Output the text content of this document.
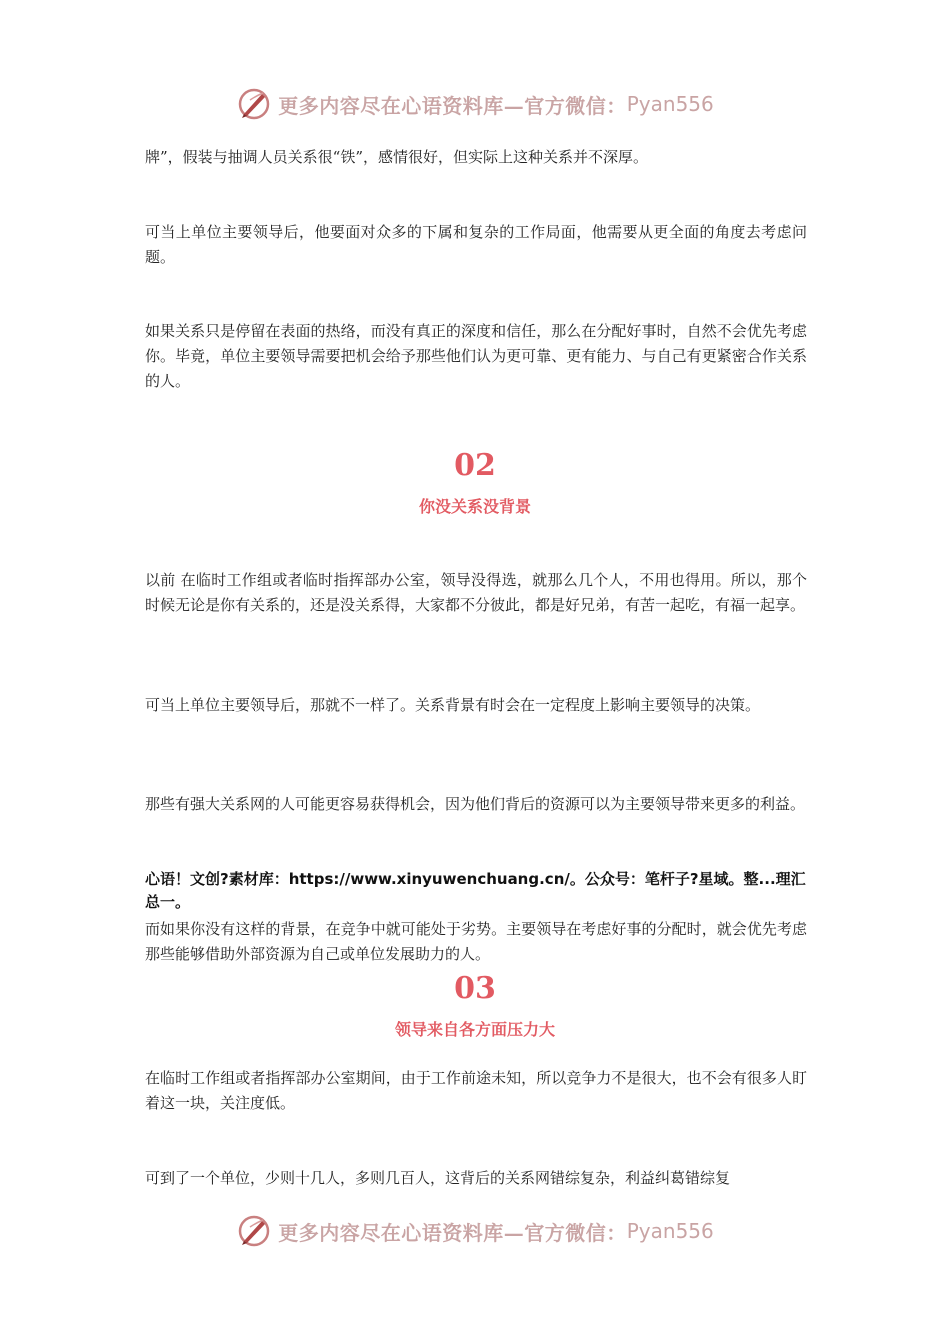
更多内容尽在心语资料库—官方微信： Pyan556

牌”，假装与抽调人员关系很“铁”，感情很好，但实际上这种关系并不深厚。

可当上单位主要领导后，他要面对众多的下属和复杂的工作局面，他需要从更全面的角度去考虑问题。

如果关系只是停留在表面的热络，而没有真正的深度和信任，那么在分配好事时，自然不会优先考虑你。毕竟，单位主要领导需要把机会给予那些他们认为更可靠、更有能力、与自己有更紧密合作关系的人。

02
你没关系没背景

以前 在临时工作组或者临时指挥部办公室，领导没得选，就那么几个人，不用也得用。所以，那个时候无论是你有关系的，还是没关系得，大家都不分彼此，都是好兄弟，有苦一起吃，有福一起享。

可当上单位主要领导后，那就不一样了。关系背景有时会在一定程度上影响主要领导的决策。

那些有强大关系网的人可能更容易获得机会，因为他们背后的资源可以为主要领导带来更多的利益。

心语！文创?素材库：https://www.xinyuwenchuang.cn/。公众号：笔杆子?星域。整...理汇总一。

而如果你没有这样的背景，在竞争中就可能处于劣势。主要领导在考虑好事的分配时，就会优先考虑那些能够借助外部资源为自己或单位发展助力的人。

03
领导来自各方面压力大

在临时工作组或者指挥部办公室期间，由于工作前途未知，所以竞争力不是很大，也不会有很多人盯着这一块，关注度低。

可到了一个单位，少则十几人，多则几百人，这背后的关系网错综复杂，利益纠葛错综复

更多内容尽在心语资料库—官方微信： Pyan556
